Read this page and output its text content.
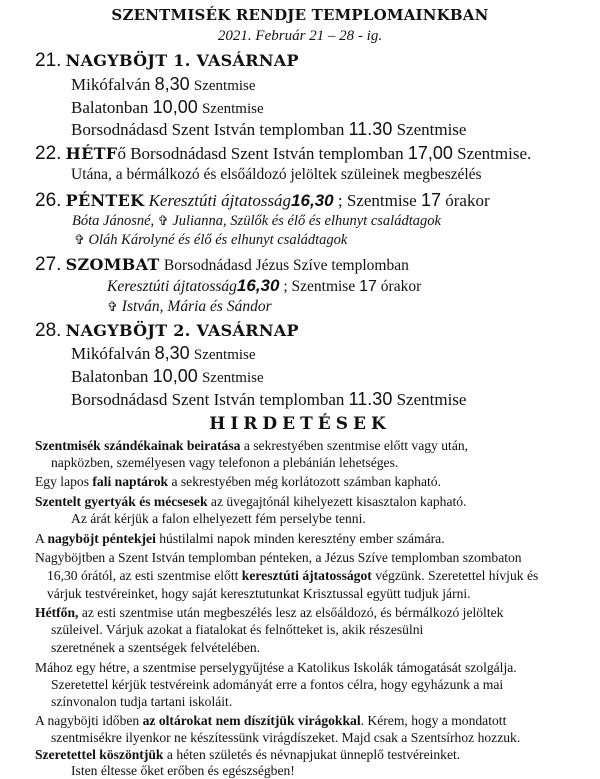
SZENTMISÉK RENDJE TEMPLOMAINKBAN
2021. Február 21 – 28 - ig.
21. NAGYBÖJT 1. VASÁRNAP
Mikófalván 8,30 Szentmise
Balatonban 10,00 Szentmise
Borsodnádasd Szent István templomban 11.30 Szentmise
22. HÉTFő Borsodnádasd Szent István templomban 17,00 Szentmise.
Utána, a bérmálkozó és elsőáldozó jelöltek szüleinek megbeszélés
26. PÉNTEK Keresztúti ájtatosság16,30 ; Szentmise 17 órakor
Bóta Jánosné, ✞ Julianna, Szülők és élő és elhunyt családtagok
✞ Oláh Károlyné és élő és elhunyt családtagok
27. SZOMBAT Borsodnádasd Jézus Szíve templomban
Keresztúti ájtatosság16,30 ; Szentmise 17 órakor
✞ István, Mária és Sándor
28. NAGYBÖJT 2. VASÁRNAP
Mikófalván 8,30 Szentmise
Balatonban 10,00 Szentmise
Borsodnádasd Szent István templomban 11.30 Szentmise
HIRDETÉSEK
Szentmisék szándékainak beiratása a sekrestyében szentmise előtt vagy után,
napközben, személyesen vagy telefonon a plebánián lehetséges.
Egy lapos fali naptárok a sekrestyében még korlátozott számban kapható.
Szentelt gyertyák és mécsesek az üvegajtónál kihelyezett kisasztalon kapható.
Az árát kérjük a falon elhelyezett fém perselybe tenni.
A nagyböjt péntekjei hústilalmi napok minden keresztény ember számára.
Nagyböjtben a Szent István templomban pénteken, a Jézus Szíve templomban szombaton
16,30 órától, az esti szentmise előtt keresztúti ájtatosságot végzünk. Szeretettel hívjuk és
várjuk testvéreinket, hogy saját keresztutunkat Krisztussal együtt tudjuk járni.
Hétfőn, az esti szentmise után megbeszélés lesz az elsőáldozó, és bérmálkozó jelöltek
szüleivel. Várjuk azokat a fiatalokat és felnőtteket is, akik részesülni
szeretnének a szentségek felvételében.
Mához egy hétre, a szentmise perselygyűjtése a Katolikus Iskolák támogatását szolgálja.
Szeretettel kérjük testvéreink adományát erre a fontos célra, hogy egyházunk a mai
színvonalon tudja tartani iskoláit.
A nagyböjti időben az oltárokat nem díszítjük virágokkal. Kérem, hogy a mondatott
szentmisékre ilyenkor ne készítessünk virágdíszeket. Majd csak a Szentsírhoz hozzuk.
Szeretettel köszöntjük a héten születés és névnapjukat ünneplő testvéreinket.
Isten éltesse őket erőben és egészségben!
